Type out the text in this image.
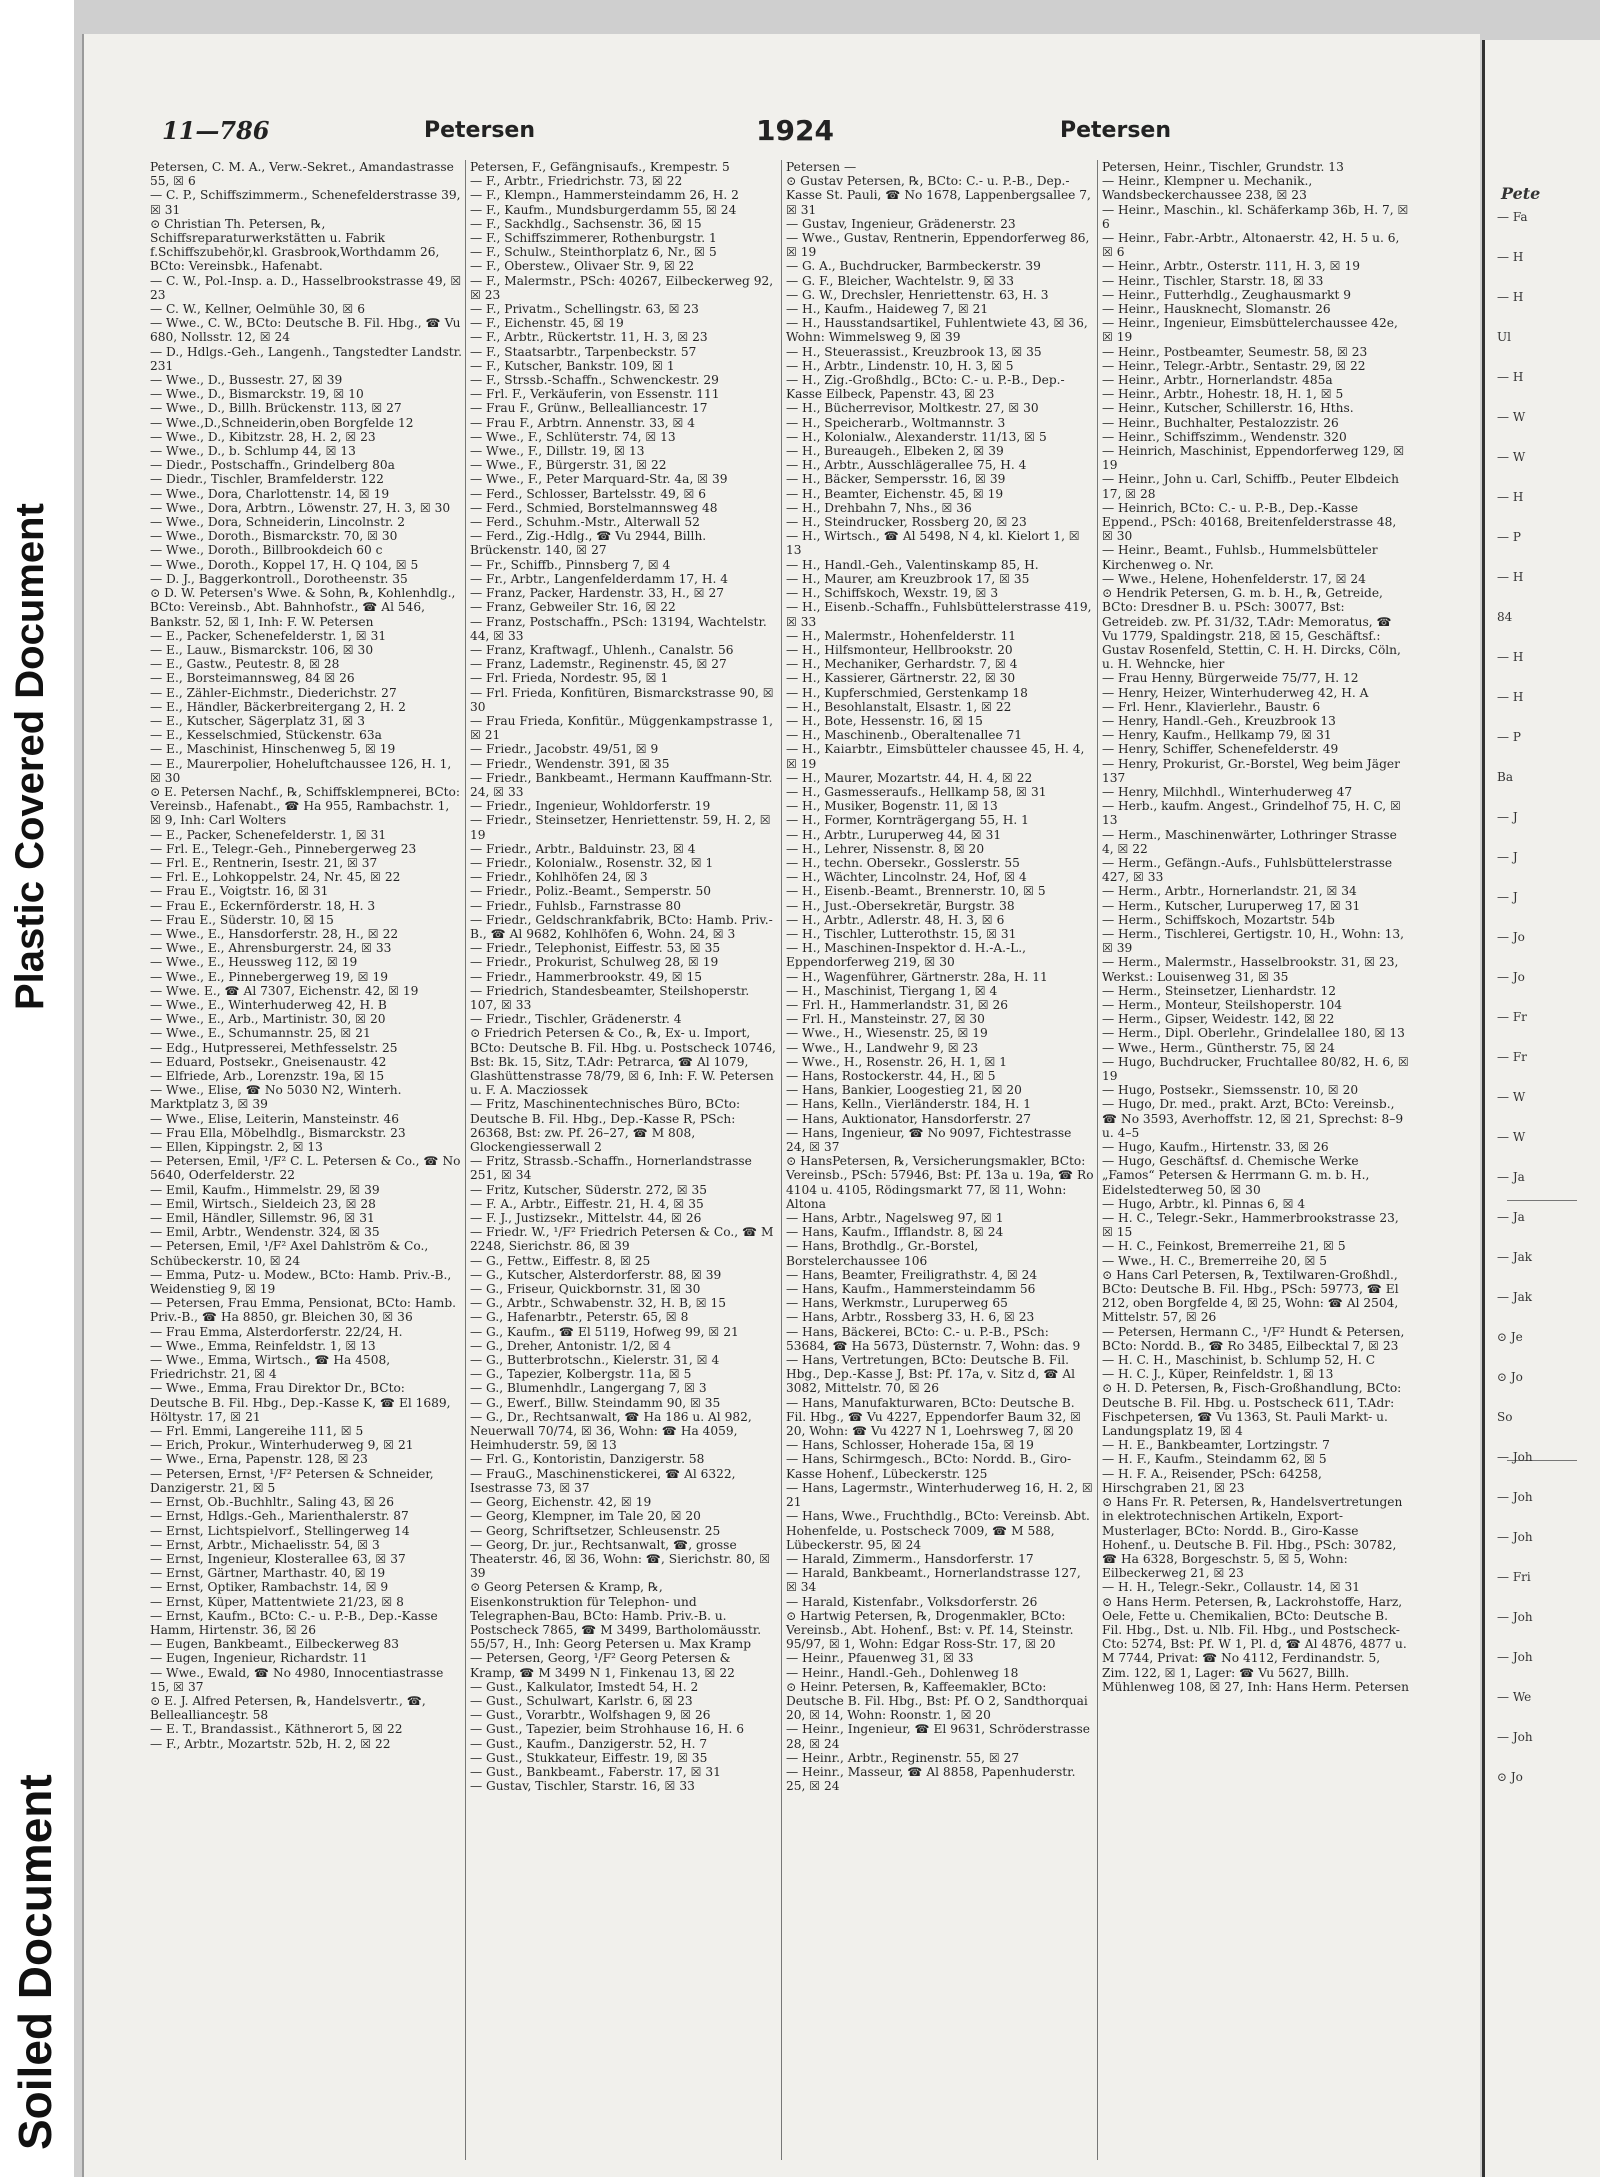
Plastic Covered Document
Soiled Document
11—786	Petersen	1924	Petersen

Petersen, C. M. A., Verw.-Sekret., Amandastrasse 55, ☒ 6

— C. P., Schiffszimmerm., Schenefelderstrasse 39, ☒ 31

⊙ Christian Th. Petersen, ℞, Schiffsreparaturwerkstätten u. Fabrik f.Schiffszubehör,kl. Grasbrook,Worthdamm 26, BCto: Vereinsbk., Hafenabt.

— C. W., Pol.-Insp. a. D., Hasselbrookstrasse 49, ☒ 23

— C. W., Kellner, Oelmühle 30, ☒ 6

— Wwe., C. W., BCto: Deutsche B. Fil. Hbg., ☎ Vu 680, Nollsstr. 12, ☒ 24

— D., Hdlgs.-Geh., Langenh., Tangstedter Landstr. 231

— Wwe., D., Bussestr. 27, ☒ 39

— Wwe., D., Bismarckstr. 19, ☒ 10

— Wwe., D., Billh. Brückenstr. 113, ☒ 27

— Wwe.,D.,Schneiderin,oben Borgfelde 12

— Wwe., D., Kibitzstr. 28, H. 2, ☒ 23

— Wwe., D., b. Schlump 44, ☒ 13

— Diedr., Postschaffn., Grindelberg 80a

— Diedr., Tischler, Bramfelderstr. 122

— Wwe., Dora, Charlottenstr. 14, ☒ 19

— Wwe., Dora, Arbtrn., Löwenstr. 27, H. 3, ☒ 30

— Wwe., Dora, Schneiderin, Lincolnstr. 2

— Wwe., Doroth., Bismarckstr. 70, ☒ 30

— Wwe., Doroth., Billbrookdeich 60 c

— Wwe., Doroth., Koppel 17, H. Q 104, ☒ 5

— D. J., Baggerkontroll., Dorotheenstr. 35

⊙ D. W. Petersen's Wwe. & Sohn, ℞, Kohlenhdlg., BCto: Vereinsb., Abt. Bahnhofstr., ☎ Al 546, Bankstr. 52, ☒ 1, Inh: F. W. Petersen

— E., Packer, Schenefelderstr. 1, ☒ 31

— E., Lauw., Bismarckstr. 106, ☒ 30

— E., Gastw., Peutestr. 8, ☒ 28

— E., Borsteimannsweg, 84 ☒ 26

— E., Zähler-Eichmstr., Diederichstr. 27

— E., Händler, Bäckerbreitergang 2, H. 2

— E., Kutscher, Sägerplatz 31, ☒ 3

— E., Kesselschmied, Stückenstr. 63a

— E., Maschinist, Hinschenweg 5, ☒ 19

— E., Maurerpolier, Hoheluftchaussee 126, H. 1, ☒ 30

⊙ E. Petersen Nachf., ℞, Schiffsklempnerei, BCto: Vereinsb., Hafenabt., ☎ Ha 955, Rambachstr. 1, ☒ 9, Inh: Carl Wolters

— E., Packer, Schenefelderstr. 1, ☒ 31

— Frl. E., Telegr.-Geh., Pinnebergerweg 23

— Frl. E., Rentnerin, Isestr. 21, ☒ 37

— Frl. E., Lohkoppelstr. 24, Nr. 45, ☒ 22

— Frau E., Voigtstr. 16, ☒ 31

— Frau E., Eckernförderstr. 18, H. 3

— Frau E., Süderstr. 10, ☒ 15

— Wwe., E., Hansdorferstr. 28, H., ☒ 22

— Wwe., E., Ahrensburgerstr. 24, ☒ 33

— Wwe., E., Heussweg 112, ☒ 19

— Wwe., E., Pinnebergerweg 19, ☒ 19

— Wwe. E., ☎ Al 7307, Eichenstr. 42, ☒ 19

— Wwe., E., Winterhuderweg 42, H. B

— Wwe., E., Arb., Martinistr. 30, ☒ 20

— Wwe., E., Schumannstr. 25, ☒ 21

— Edg., Hutpresserei, Methfesselstr. 25

— Eduard, Postsekr., Gneisenaustr. 42

— Elfriede, Arb., Lorenzstr. 19a, ☒ 15

— Wwe., Elise, ☎ No 5030 N2, Winterh. Marktplatz 3, ☒ 39

— Wwe., Elise, Leiterin, Mansteinstr. 46

— Frau Ella, Möbelhdlg., Bismarckstr. 23

— Ellen, Kippingstr. 2, ☒ 13

— Petersen, Emil, ¹/F² C. L. Petersen & Co., ☎ No 5640, Oderfelderstr. 22

— Emil, Kaufm., Himmelstr. 29, ☒ 39

— Emil, Wirtsch., Sieldeich 23, ☒ 28

— Emil, Händler, Sillemstr. 96, ☒ 31

— Emil, Arbtr., Wendenstr. 324, ☒ 35

— Petersen, Emil, ¹/F² Axel Dahlström & Co., Schübeckerstr. 10, ☒ 24

— Emma, Putz- u. Modew., BCto: Hamb. Priv.-B., Weidenstieg 9, ☒ 19

— Petersen, Frau Emma, Pensionat, BCto: Hamb. Priv.-B., ☎ Ha 8850, gr. Bleichen 30, ☒ 36

— Frau Emma, Alsterdorferstr. 22/24, H.

— Wwe., Emma, Reinfeldstr. 1, ☒ 13

— Wwe., Emma, Wirtsch., ☎ Ha 4508, Friedrichstr. 21, ☒ 4

— Wwe., Emma, Frau Direktor Dr., BCto: Deutsche B. Fil. Hbg., Dep.-Kasse K, ☎ El 1689, Höltystr. 17, ☒ 21

— Frl. Emmi, Langereihe 111, ☒ 5

— Erich, Prokur., Winterhuderweg 9, ☒ 21

— Wwe., Erna, Papenstr. 128, ☒ 23

— Petersen, Ernst, ¹/F² Petersen & Schneider, Danzigerstr. 21, ☒ 5

— Ernst, Ob.-Buchhltr., Saling 43, ☒ 26

— Ernst, Hdlgs.-Geh., Marienthalerstr. 87

— Ernst, Lichtspielvorf., Stellingerweg 14

— Ernst, Arbtr., Michaelisstr. 54, ☒ 3

— Ernst, Ingenieur, Klosterallee 63, ☒ 37

— Ernst, Gärtner, Marthastr. 40, ☒ 19

— Ernst, Optiker, Rambachstr. 14, ☒ 9

— Ernst, Küper, Mattentwiete 21/23, ☒ 8

— Ernst, Kaufm., BCto: C.- u. P.-B., Dep.-Kasse Hamm, Hirtenstr. 36, ☒ 26

— Eugen, Bankbeamt., Eilbeckerweg 83

— Eugen, Ingenieur, Richardstr. 11

— Wwe., Ewald, ☎ No 4980, Innocentiastrasse 15, ☒ 37

⊙ E. J. Alfred Petersen, ℞, Handelsvertr., ☎, Belleallianceştr. 58

— E. T., Brandassist., Käthnerort 5, ☒ 22

— F., Arbtr., Mozartstr. 52b, H. 2, ☒ 22

Petersen, F., Gefängnisaufs., Krempestr. 5

— F., Arbtr., Friedrichstr. 73, ☒ 22

— F., Klempn., Hammersteindamm 26, H. 2

— F., Kaufm., Mundsburgerdamm 55, ☒ 24

— F., Sackhdlg., Sachsenstr. 36, ☒ 15

— F., Schiffszimmerer, Rothenburgstr. 1

— F., Schulw., Steinthorplatz 6, Nr., ☒ 5

— F., Oberstew., Olivaer Str. 9, ☒ 22

— F., Malermstr., PSch: 40267, Eilbeckerweg 92, ☒ 23

— F., Privatm., Schellingstr. 63, ☒ 23

— F., Eichenstr. 45, ☒ 19

— F., Arbtr., Rückertstr. 11, H. 3, ☒ 23

— F., Staatsarbtr., Tarpenbeckstr. 57

— F., Kutscher, Bankstr. 109, ☒ 1

— F., Strssb.-Schaffn., Schwenckestr. 29

— Frl. F., Verkäuferin, von Essenstr. 111

— Frau F., Grünw., Bellealliancestr. 17

— Frau F., Arbtrn. Annenstr. 33, ☒ 4

— Wwe., F., Schlüterstr. 74, ☒ 13

— Wwe., F., Dillstr. 19, ☒ 13

— Wwe., F., Bürgerstr. 31, ☒ 22

— Wwe., F., Peter Marquard-Str. 4a, ☒ 39

— Ferd., Schlosser, Bartelsstr. 49, ☒ 6

— Ferd., Schmied, Borstelmannsweg 48

— Ferd., Schuhm.-Mstr., Alterwall 52

— Ferd., Zig.-Hdlg., ☎ Vu 2944, Billh. Brückenstr. 140, ☒ 27

— Fr., Schiffb., Pinnsberg 7, ☒ 4

— Fr., Arbtr., Langenfelderdamm 17, H. 4

— Franz, Packer, Hardenstr. 33, H., ☒ 27

— Franz, Gebweiler Str. 16, ☒ 22

— Franz, Postschaffn., PSch: 13194, Wachtelstr. 44, ☒ 33

— Franz, Kraftwagf., Uhlenh., Canalstr. 56

— Franz, Lademstr., Reginenstr. 45, ☒ 27

— Frl. Frieda, Nordestr. 95, ☒ 1

— Frl. Frieda, Konfitüren, Bismarckstrasse 90, ☒ 30

— Frau Frieda, Konfitür., Müggenkampstrasse 1, ☒ 21

— Friedr., Jacobstr. 49/51, ☒ 9

— Friedr., Wendenstr. 391, ☒ 35

— Friedr., Bankbeamt., Hermann Kauffmann-Str. 24, ☒ 33

— Friedr., Ingenieur, Wohldorferstr. 19

— Friedr., Steinsetzer, Henriettenstr. 59, H. 2, ☒ 19

— Friedr., Arbtr., Balduinstr. 23, ☒ 4

— Friedr., Kolonialw., Rosenstr. 32, ☒ 1

— Friedr., Kohlhöfen 24, ☒ 3

— Friedr., Poliz.-Beamt., Semperstr. 50

— Friedr., Fuhlsb., Farnstrasse 80

— Friedr., Geldschrankfabrik, BCto: Hamb. Priv.-B., ☎ Al 9682, Kohlhöfen 6, Wohn. 24, ☒ 3

— Friedr., Telephonist, Eiffestr. 53, ☒ 35

— Friedr., Prokurist, Schulweg 28, ☒ 19

— Friedr., Hammerbrookstr. 49, ☒ 15

— Friedrich, Standesbeamter, Steilshoperstr. 107, ☒ 33

— Friedr., Tischler, Grädenerstr. 4

⊙ Friedrich Petersen & Co., ℞, Ex- u. Import, BCto: Deutsche B. Fil. Hbg. u. Postscheck 10746, Bst: Bk. 15, Sitz, T.Adr: Petrarca, ☎ Al 1079, Glashüttenstrasse 78/79, ☒ 6, Inh: F. W. Petersen u. F. A. Macziossek

— Fritz, Maschinentechnisches Büro, BCto: Deutsche B. Fil. Hbg., Dep.-Kasse R, PSch: 26368, Bst: zw. Pf. 26–27, ☎ M 808, Glockengiesserwall 2

— Fritz, Strassb.-Schaffn., Hornerlandstrasse 251, ☒ 34

— Fritz, Kutscher, Süderstr. 272, ☒ 35

— F. A., Arbtr., Eiffestr. 21, H. 4, ☒ 35

— F. J., Justizsekr., Mittelstr. 44, ☒ 26

— Friedr. W., ¹/F² Friedrich Petersen & Co., ☎ M 2248, Sierichstr. 86, ☒ 39

— G., Fettw., Eiffestr. 8, ☒ 25

— G., Kutscher, Alsterdorferstr. 88, ☒ 39

— G., Friseur, Quickbornstr. 31, ☒ 30

— G., Arbtr., Schwabenstr. 32, H. B, ☒ 15

— G., Hafenarbtr., Peterstr. 65, ☒ 8

— G., Kaufm., ☎ El 5119, Hofweg 99, ☒ 21

— G., Dreher, Antonistr. 1/2, ☒ 4

— G., Butterbrotschn., Kielerstr. 31, ☒ 4

— G., Tapezier, Kolbergstr. 11a, ☒ 5

— G., Blumenhdlr., Langergang 7, ☒ 3

— G., Ewerf., Billw. Steindamm 90, ☒ 35

— G., Dr., Rechtsanwalt, ☎ Ha 186 u. Al 982, Neuerwall 70/74, ☒ 36, Wohn: ☎ Ha 4059, Heimhuderstr. 59, ☒ 13

— Frl. G., Kontoristin, Danzigerstr. 58

— FrauG., Maschinenstickerei, ☎ Al 6322, Isestrasse 73, ☒ 37

— Georg, Eichenstr. 42, ☒ 19

— Georg, Klempner, im Tale 20, ☒ 20

— Georg, Schriftsetzer, Schleusenstr. 25

— Georg, Dr. jur., Rechtsanwalt, ☎, grosse Theaterstr. 46, ☒ 36, Wohn: ☎, Sierichstr. 80, ☒ 39

⊙ Georg Petersen & Kramp, ℞, Eisenkonstruktion für Telephon- und Telegraphen-Bau, BCto: Hamb. Priv.-B. u. Postscheck 7865, ☎ M 3499, Bartholomäusstr. 55/57, H., Inh: Georg Petersen u. Max Kramp

— Petersen, Georg, ¹/F² Georg Petersen & Kramp, ☎ M 3499 N 1, Finkenau 13, ☒ 22

— Gust., Kalkulator, Imstedt 54, H. 2

— Gust., Schulwart, Karlstr. 6, ☒ 23

— Gust., Vorarbtr., Wolfshagen 9, ☒ 26

— Gust., Tapezier, beim Strohhause 16, H. 6

— Gust., Kaufm., Danzigerstr. 52, H. 7

— Gust., Stukkateur, Eiffestr. 19, ☒ 35

— Gust., Bankbeamt., Faberstr. 17, ☒ 31

— Gustav, Tischler, Starstr. 16, ☒ 33

Petersen —

⊙ Gustav Petersen, ℞, BCto: C.- u. P.-B., Dep.-Kasse St. Pauli, ☎ No 1678, Lappenbergsallee 7, ☒ 31

— Gustav, Ingenieur, Grädenerstr. 23

— Wwe., Gustav, Rentnerin, Eppendorferweg 86, ☒ 19

— G. A., Buchdrucker, Barmbeckerstr. 39

— G. F., Bleicher, Wachtelstr. 9, ☒ 33

— G. W., Drechsler, Henriettenstr. 63, H. 3

— H., Kaufm., Haideweg 7, ☒ 21

— H., Hausstandsartikel, Fuhlentwiete 43, ☒ 36, Wohn: Wimmelsweg 9, ☒ 39

— H., Steuerassist., Kreuzbrook 13, ☒ 35

— H., Arbtr., Lindenstr. 10, H. 3, ☒ 5

— H., Zig.-Großhdlg., BCto: C.- u. P.-B., Dep.-Kasse Eilbeck, Papenstr. 43, ☒ 23

— H., Bücherrevisor, Moltkestr. 27, ☒ 30

— H., Speicherarb., Woltmannstr. 3

— H., Kolonialw., Alexanderstr. 11/13, ☒ 5

— H., Bureaugeh., Elbeken 2, ☒ 39

— H., Arbtr., Ausschlägerallee 75, H. 4

— H., Bäcker, Sempersstr. 16, ☒ 39

— H., Beamter, Eichenstr. 45, ☒ 19

— H., Drehbahn 7, Nhs., ☒ 36

— H., Steindrucker, Rossberg 20, ☒ 23

— H., Wirtsch., ☎ Al 5498, N 4, kl. Kielort 1, ☒ 13

— H., Handl.-Geh., Valentinskamp 85, H.

— H., Maurer, am Kreuzbrook 17, ☒ 35

— H., Schiffskoch, Wexstr. 19, ☒ 3

— H., Eisenb.-Schaffn., Fuhlsbüttelerstrasse 419, ☒ 33

— H., Malermstr., Hohenfelderstr. 11

— H., Hilfsmonteur, Hellbrookstr. 20

— H., Mechaniker, Gerhardstr. 7, ☒ 4

— H., Kassierer, Gärtnerstr. 22, ☒ 30

— H., Kupferschmied, Gerstenkamp 18

— H., Besohlanstalt, Elsastr. 1, ☒ 22

— H., Bote, Hessenstr. 16, ☒ 15

— H., Maschinenb., Oberaltenallee 71

— H., Kaiarbtr., Eimsbütteler chaussee 45, H. 4, ☒ 19

— H., Maurer, Mozartstr. 44, H. 4, ☒ 22

— H., Gasmesseraufs., Hellkamp 58, ☒ 31

— H., Musiker, Bogenstr. 11, ☒ 13

— H., Former, Kornträgergang 55, H. 1

— H., Arbtr., Luruperweg 44, ☒ 31

— H., Lehrer, Nissenstr. 8, ☒ 20

— H., techn. Obersekr., Gosslerstr. 55

— H., Wächter, Lincolnstr. 24, Hof, ☒ 4

— H., Eisenb.-Beamt., Brennerstr. 10, ☒ 5

— H., Just.-Obersekretär, Burgstr. 38

— H., Arbtr., Adlerstr. 48, H. 3, ☒ 6

— H., Tischler, Lutterothstr. 15, ☒ 31

— H., Maschinen-Inspektor d. H.-A.-L., Eppendorferweg 219, ☒ 30

— H., Wagenführer, Gärtnerstr. 28a, H. 11

— H., Maschinist, Tiergang 1, ☒ 4

— Frl. H., Hammerlandstr. 31, ☒ 26

— Frl. H., Mansteinstr. 27, ☒ 30

— Wwe., H., Wiesenstr. 25, ☒ 19

— Wwe., H., Landwehr 9, ☒ 23

— Wwe., H., Rosenstr. 26, H. 1, ☒ 1

— Hans, Rostockerstr. 44, H., ☒ 5

— Hans, Bankier, Loogestieg 21, ☒ 20

— Hans, Kelln., Vierländerstr. 184, H. 1

— Hans, Auktionator, Hansdorferstr. 27

— Hans, Ingenieur, ☎ No 9097, Fichtestrasse 24, ☒ 37

⊙ HansPetersen, ℞, Versicherungsmakler, BCto: Vereinsb., PSch: 57946, Bst: Pf. 13a u. 19a, ☎ Ro 4104 u. 4105, Rödingsmarkt 77, ☒ 11, Wohn: Altona

— Hans, Arbtr., Nagelsweg 97, ☒ 1

— Hans, Kaufm., Ifflandstr. 8, ☒ 24

— Hans, Brothdlg., Gr.-Borstel, Borstelerchaussee 106

— Hans, Beamter, Freiligrathstr. 4, ☒ 24

— Hans, Kaufm., Hammersteindamm 56

— Hans, Werkmstr., Luruperweg 65

— Hans, Arbtr., Rossberg 33, H. 6, ☒ 23

— Hans, Bäckerei, BCto: C.- u. P.-B., PSch: 53684, ☎ Ha 5673, Düsternstr. 7, Wohn: das. 9

— Hans, Vertretungen, BCto: Deutsche B. Fil. Hbg., Dep.-Kasse J, Bst: Pf. 17a, v. Sitz d, ☎ Al 3082, Mittelstr. 70, ☒ 26

— Hans, Manufakturwaren, BCto: Deutsche B. Fil. Hbg., ☎ Vu 4227, Eppendorfer Baum 32, ☒ 20, Wohn: ☎ Vu 4227 N 1, Loehrsweg 7, ☒ 20

— Hans, Schlosser, Hoherade 15a, ☒ 19

— Hans, Schirmgesch., BCto: Nordd. B., Giro-Kasse Hohenf., Lübeckerstr. 125

— Hans, Lagermstr., Winterhuderweg 16, H. 2, ☒ 21

— Hans, Wwe., Fruchthdlg., BCto: Vereinsb. Abt. Hohenfelde, u. Postscheck 7009, ☎ M 588, Lübeckerstr. 95, ☒ 24

— Harald, Zimmerm., Hansdorferstr. 17

— Harald, Bankbeamt., Hornerlandstrasse 127, ☒ 34

— Harald, Kistenfabr., Volksdorferstr. 26

⊙ Hartwig Petersen, ℞, Drogenmakler, BCto: Vereinsb., Abt. Hohenf., Bst: v. Pf. 14, Steinstr. 95/97, ☒ 1, Wohn: Edgar Ross-Str. 17, ☒ 20

— Heinr., Pfauenweg 31, ☒ 33

— Heinr., Handl.-Geh., Dohlenweg 18

⊙ Heinr. Petersen, ℞, Kaffeemakler, BCto: Deutsche B. Fil. Hbg., Bst: Pf. O 2, Sandthorquai 20, ☒ 14, Wohn: Roonstr. 1, ☒ 20

— Heinr., Ingenieur, ☎ El 9631, Schröderstrasse 28, ☒ 24

— Heinr., Arbtr., Reginenstr. 55, ☒ 27

— Heinr., Masseur, ☎ Al 8858, Papenhuderstr. 25, ☒ 24

Petersen, Heinr., Tischler, Grundstr. 13

— Heinr., Klempner u. Mechanik., Wandsbeckerchaussee 238, ☒ 23

— Heinr., Maschin., kl. Schäferkamp 36b, H. 7, ☒ 6

— Heinr., Fabr.-Arbtr., Altonaerstr. 42, H. 5 u. 6, ☒ 6

— Heinr., Arbtr., Osterstr. 111, H. 3, ☒ 19

— Heinr., Tischler, Starstr. 18, ☒ 33

— Heinr., Futterhdlg., Zeughausmarkt 9

— Heinr., Hausknecht, Slomanstr. 26

— Heinr., Ingenieur, Eimsbüttelerchaussee 42e, ☒ 19

— Heinr., Postbeamter, Seumestr. 58, ☒ 23

— Heinr., Telegr.-Arbtr., Sentastr. 29, ☒ 22

— Heinr., Arbtr., Hornerlandstr. 485a

— Heinr., Arbtr., Hohestr. 18, H. 1, ☒ 5

— Heinr., Kutscher, Schillerstr. 16, Hths.

— Heinr., Buchhalter, Pestalozzistr. 26

— Heinr., Schiffszimm., Wendenstr. 320

— Heinrich, Maschinist, Eppendorferweg 129, ☒ 19

— Heinr., John u. Carl, Schiffb., Peuter Elbdeich 17, ☒ 28

— Heinrich, BCto: C.- u. P.-B., Dep.-Kasse Eppend., PSch: 40168, Breitenfelderstrasse 48, ☒ 30

— Heinr., Beamt., Fuhlsb., Hummelsbütteler Kirchenweg o. Nr.

— Wwe., Helene, Hohenfelderstr. 17, ☒ 24

⊙ Hendrik Petersen, G. m. b. H., ℞, Getreide, BCto: Dresdner B. u. PSch: 30077, Bst: Getreideb. zw. Pf. 31/32, T.Adr: Memoratus, ☎ Vu 1779, Spaldingstr. 218, ☒ 15, Geschäftsf.: Gustav Rosenfeld, Stettin, C. H. H. Dircks, Cöln, u. H. Wehncke, hier

— Frau Henny, Bürgerweide 75/77, H. 12

— Henry, Heizer, Winterhuderweg 42, H. A

— Frl. Henr., Klavierlehr., Baustr. 6

— Henry, Handl.-Geh., Kreuzbrook 13

— Henry, Kaufm., Hellkamp 79, ☒ 31

— Henry, Schiffer, Schenefelderstr. 49

— Henry, Prokurist, Gr.-Borstel, Weg beim Jäger 137

— Henry, Milchhdl., Winterhuderweg 47

— Herb., kaufm. Angest., Grindelhof 75, H. C, ☒ 13

— Herm., Maschinenwärter, Lothringer Strasse 4, ☒ 22

— Herm., Gefängn.-Aufs., Fuhlsbüttelerstrasse 427, ☒ 33

— Herm., Arbtr., Hornerlandstr. 21, ☒ 34

— Herm., Kutscher, Luruperweg 17, ☒ 31

— Herm., Schiffskoch, Mozartstr. 54b

— Herm., Tischlerei, Gertigstr. 10, H., Wohn: 13, ☒ 39

— Herm., Malermstr., Hasselbrookstr. 31, ☒ 23, Werkst.: Louisenweg 31, ☒ 35

— Herm., Steinsetzer, Lienhardstr. 12

— Herm., Monteur, Steilshoperstr. 104

— Herm., Gipser, Weidestr. 142, ☒ 22

— Herm., Dipl. Oberlehr., Grindelallee 180, ☒ 13

— Wwe., Herm., Güntherstr. 75, ☒ 24

— Hugo, Buchdrucker, Fruchtallee 80/82, H. 6, ☒ 19

— Hugo, Postsekr., Siemssenstr. 10, ☒ 20

— Hugo, Dr. med., prakt. Arzt, BCto: Vereinsb., ☎ No 3593, Averhoffstr. 12, ☒ 21, Sprechst: 8–9 u. 4–5

— Hugo, Kaufm., Hirtenstr. 33, ☒ 26

— Hugo, Geschäftsf. d. Chemische Werke „Famos“ Petersen & Herrmann G. m. b. H., Eidelstedterweg 50, ☒ 30

— Hugo, Arbtr., kl. Pinnas 6, ☒ 4

— H. C., Telegr.-Sekr., Hammerbrookstrasse 23, ☒ 15

— H. C., Feinkost, Bremerreihe 21, ☒ 5

— Wwe., H. C., Bremerreihe 20, ☒ 5

⊙ Hans Carl Petersen, ℞, Textilwaren-Großhdl., BCto: Deutsche B. Fil. Hbg., PSch: 59773, ☎ El 212, oben Borgfelde 4, ☒ 25, Wohn: ☎ Al 2504, Mittelstr. 57, ☒ 26

— Petersen, Hermann C., ¹/F² Hundt & Petersen, BCto: Nordd. B., ☎ Ro 3485, Eilbecktal 7, ☒ 23

— H. C. H., Maschinist, b. Schlump 52, H. C

— H. C. J., Küper, Reinfeldstr. 1, ☒ 13

⊙ H. D. Petersen, ℞, Fisch-Großhandlung, BCto: Deutsche B. Fil. Hbg. u. Postscheck 611, T.Adr: Fischpetersen, ☎ Vu 1363, St. Pauli Markt- u. Landungsplatz 19, ☒ 4

— H. E., Bankbeamter, Lortzingstr. 7

— H. F., Kaufm., Steindamm 62, ☒ 5

— H. F. A., Reisender, PSch: 64258, Hirschgraben 21, ☒ 23

⊙ Hans Fr. R. Petersen, ℞, Handelsvertretungen in elektrotechnischen Artikeln, Export-Musterlager, BCto: Nordd. B., Giro-Kasse Hohenf., u. Deutsche B. Fil. Hbg., PSch: 30782, ☎ Ha 6328, Borgeschstr. 5, ☒ 5, Wohn: Eilbeckerweg 21, ☒ 23

— H. H., Telegr.-Sekr., Collaustr. 14, ☒ 31

⊙ Hans Herm. Petersen, ℞, Lackrohstoffe, Harz, Oele, Fette u. Chemikalien, BCto: Deutsche B. Fil. Hbg., Dst. u. Nlb. Fil. Hbg., und Postscheck-Cto: 5274, Bst: Pf. W 1, Pl. d, ☎ Al 4876, 4877 u. M 7744, Privat: ☎ No 4112, Ferdinandstr. 5, Zim. 122, ☒ 1, Lager: ☎ Vu 5627, Billh. Mühlenweg 108, ☒ 27, Inh: Hans Herm. Petersen

Pete
— Fa
— H
— H
Ul
— H
— W
— W
— H
— P
— H
84
— H
— H
— P
Ba
— J
— J
— J
— Jo
— Jo
— Fr
— Fr
— W
— W
— Ja
— Ja
— Jak
— Jak
⊙ Je
⊙ Jo
So
— Joh
— Joh
— Joh
— Fri
— Joh
— Joh
— We
— Joh
⊙ Jo
